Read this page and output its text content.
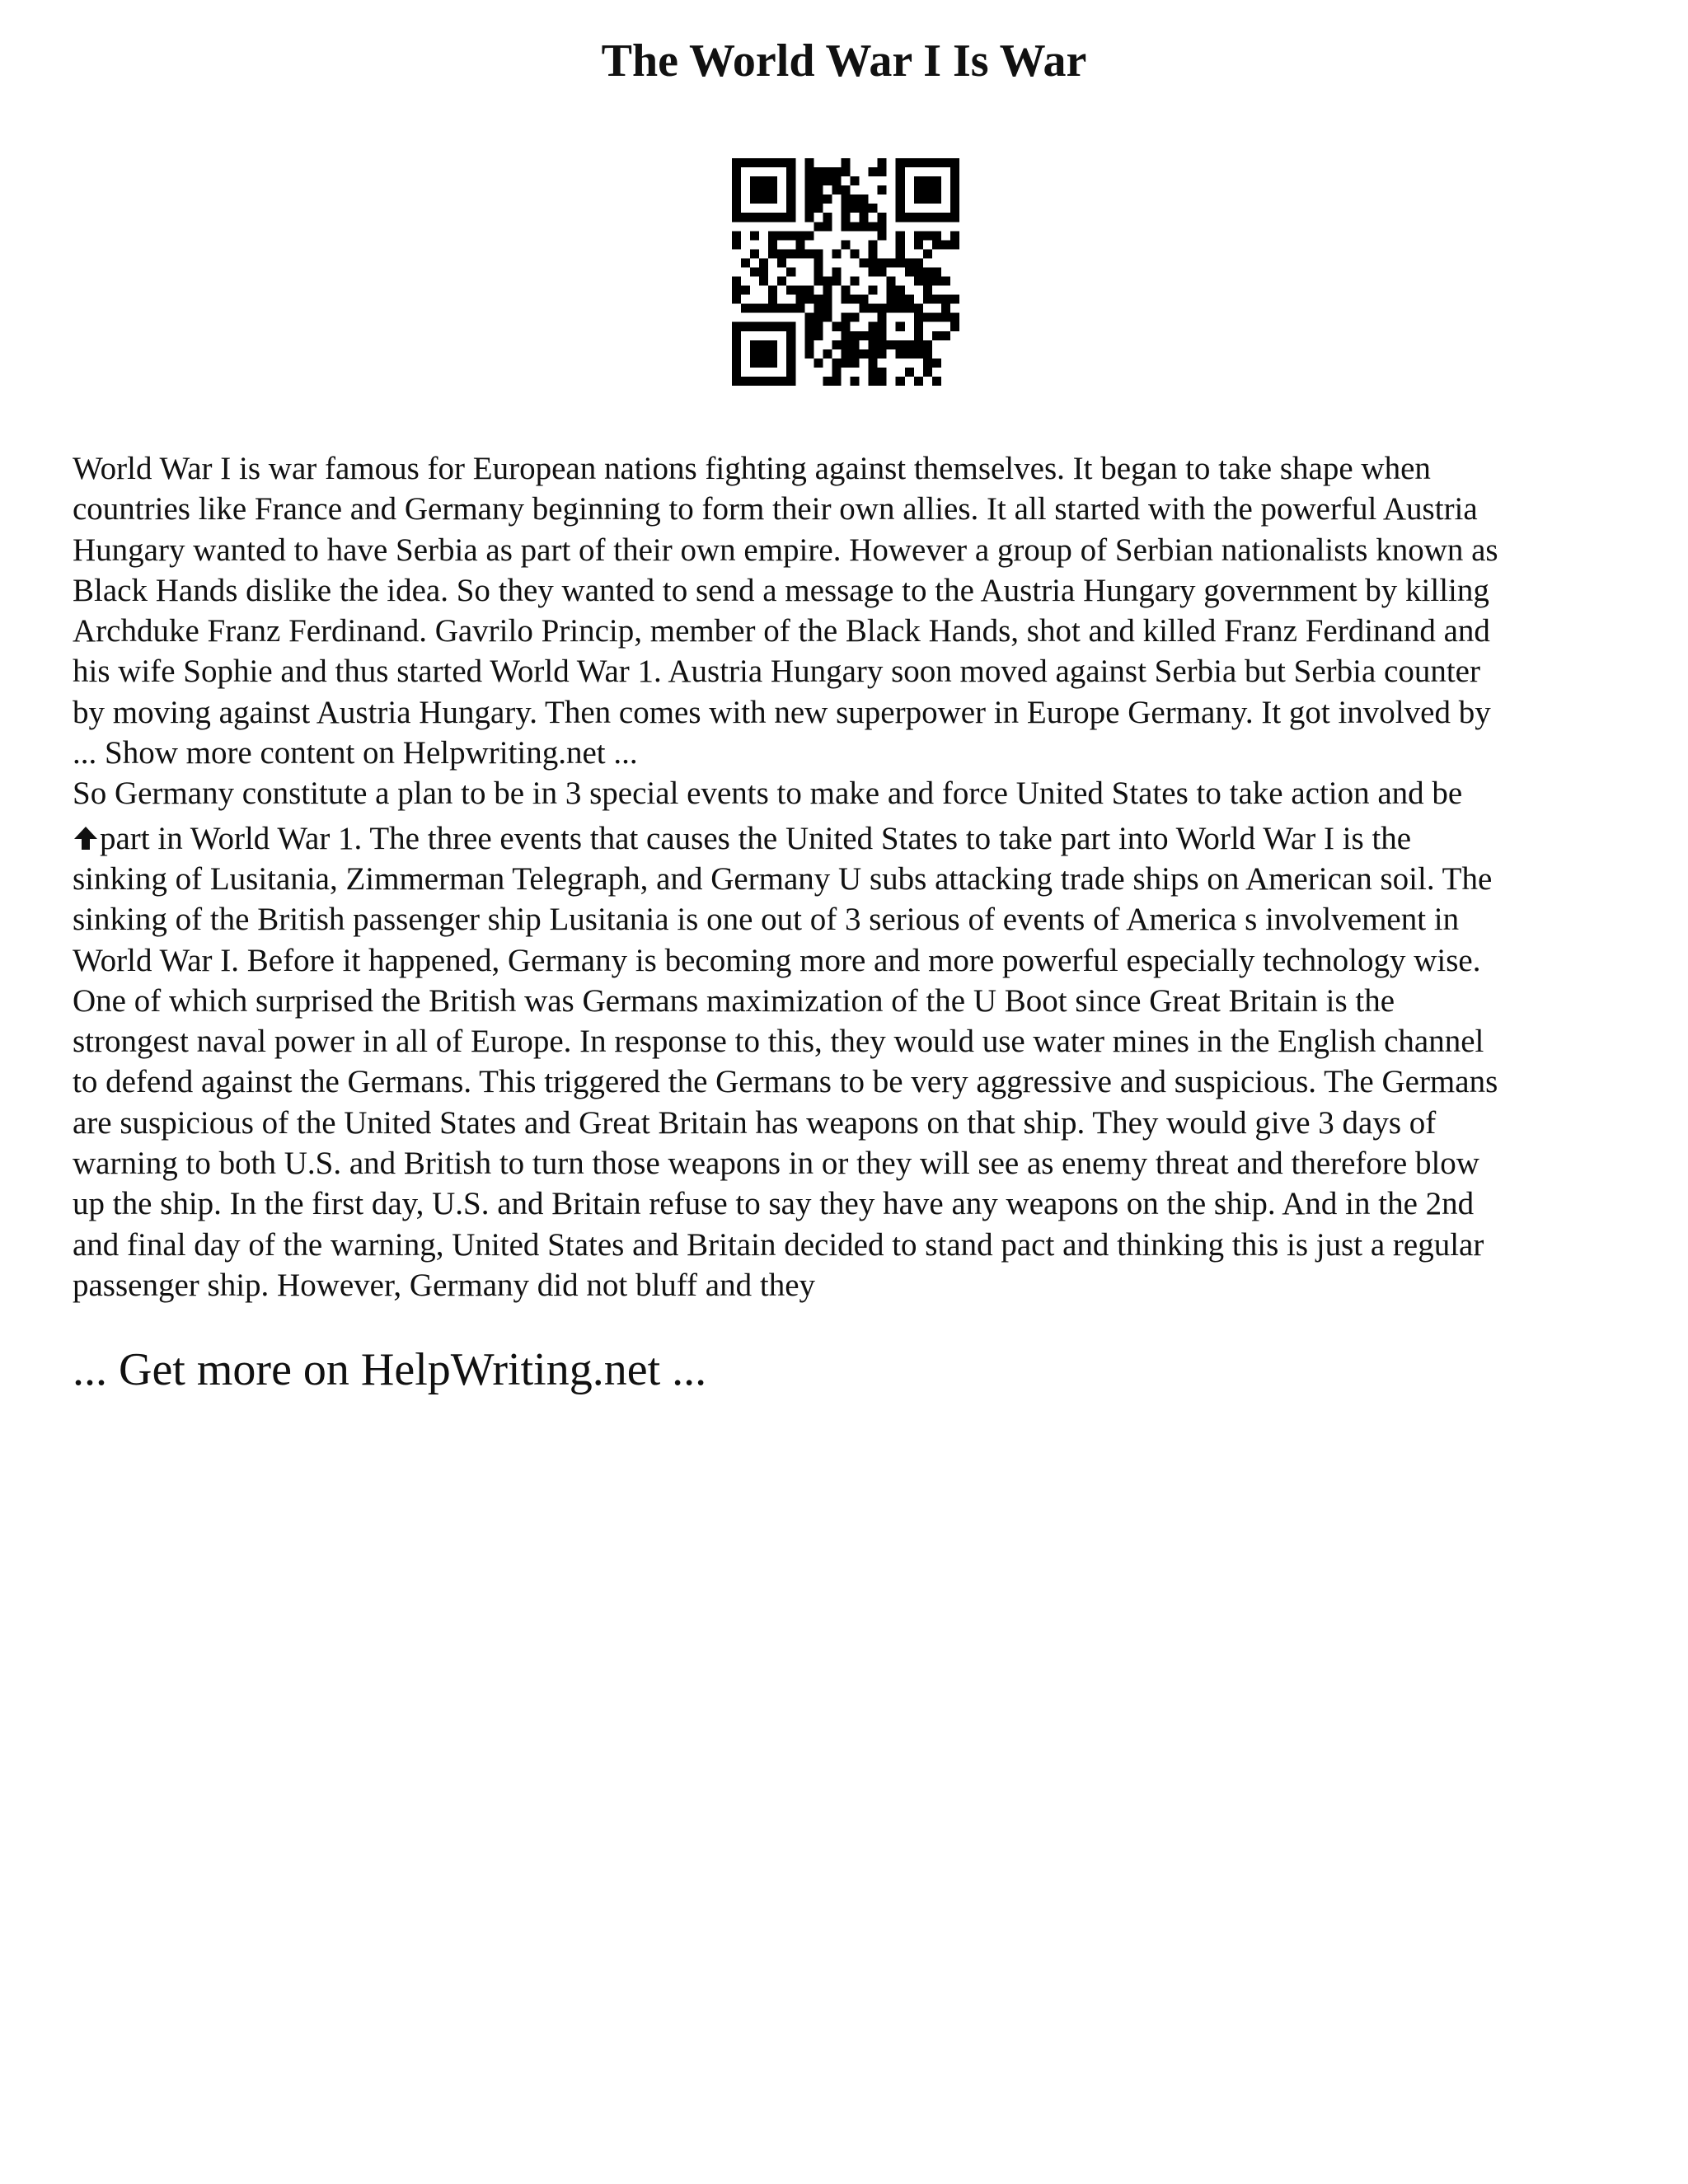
The World War I Is War
World War I is war famous for European nations fighting against themselves. It began to take shape when
countries like France and Germany beginning to form their own allies. It all started with the powerful Austria
Hungary wanted to have Serbia as part of their own empire. However a group of Serbian nationalists known as
Black Hands dislike the idea. So they wanted to send a message to the Austria Hungary government by killing
Archduke Franz Ferdinand. Gavrilo Princip, member of the Black Hands, shot and killed Franz Ferdinand and
his wife Sophie and thus started World War 1. Austria Hungary soon moved against Serbia but Serbia counter
by moving against Austria Hungary. Then comes with new superpower in Europe Germany. It got involved by
... Show more content on Helpwriting.net ...
So Germany constitute a plan to be in 3 special events to make and force United States to take action and be
part in World War 1. The three events that causes the United States to take part into World War I is the
sinking of Lusitania, Zimmerman Telegraph, and Germany U subs attacking trade ships on American soil. The
sinking of the British passenger ship Lusitania is one out of 3 serious of events of America s involvement in
World War I. Before it happened, Germany is becoming more and more powerful especially technology wise.
One of which surprised the British was Germans maximization of the U Boot since Great Britain is the
strongest naval power in all of Europe. In response to this, they would use water mines in the English channel
to defend against the Germans. This triggered the Germans to be very aggressive and suspicious. The Germans
are suspicious of the United States and Great Britain has weapons on that ship. They would give 3 days of
warning to both U.S. and British to turn those weapons in or they will see as enemy threat and therefore blow
up the ship. In the first day, U.S. and Britain refuse to say they have any weapons on the ship. And in the 2nd
and final day of the warning, United States and Britain decided to stand pact and thinking this is just a regular
passenger ship. However, Germany did not bluff and they

... Get more on HelpWriting.net ...
